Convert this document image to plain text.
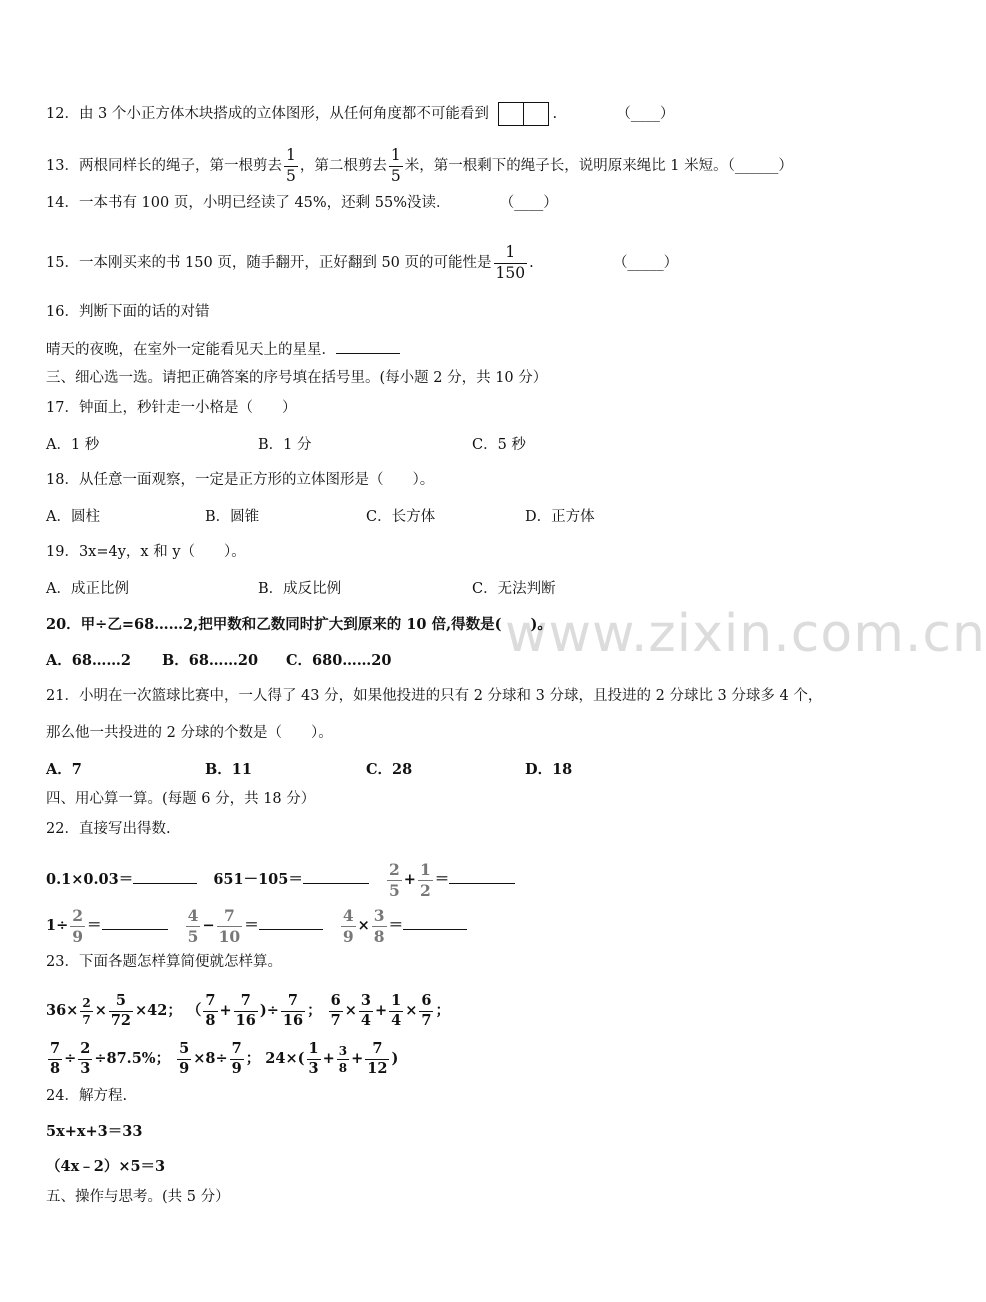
www.zixin.com.cn
12．由 3 个小正方体木块搭成的立体图形，从任何角度都不可能看到	.	（____）
13．两根同样长的绳子，第一根剪去 $\frac{1}{5}$ ，第二根剪去 $\frac{1}{5}$ 米，第一根剩下的绳子长，说明原来绳比 1 米短。（______）
14．一本书有 100 页，小明已经读了 45%，还剩 55%没读．	（____）
15．一本刚买来的书 150 页，随手翻开，正好翻到 50 页的可能性是 $\frac{1}{150}$ .	（_____）
16．判断下面的话的对错
晴天的夜晚，在室外一定能看见天上的星星．
三、细心选一选。请把正确答案的序号填在括号里。(每小题 2 分，共 10 分）
17．钟面上，秒针走一小格是（　　）
A．1 秒	B．1 分	C．5 秒
18．从任意一面观察，一定是正方形的立体图形是（　　）。
A．圆柱	B．圆锥	C．长方体	D．正方体
19．3x=4y，x 和 y（　　）。
A．成正比例	B．成反比例	C．无法判断
20．甲÷乙=68……2,把甲数和乙数同时扩大到原来的 10 倍,得数是(　　)。
A．68……2 B．68……20 C．680……20
21．小明在一次篮球比赛中，一人得了 43 分，如果他投进的只有 2 分球和 3 分球，且投进的 2 分球比 3 分球多 4 个，
那么他一共投进的 2 分球的个数是（　　）。
A．7	B．11	C．28	D．18
四、用心算一算。(每题 6 分，共 18 分）
22．直接写出得数.
0.1×0.03＝	651－105＝	$\frac{2}{5} + \frac{1}{2}$ ＝
$1\div \frac{2}{9}$ ＝	$\frac{4}{5} - \frac{7}{10}$ ＝	$\frac{4}{9} \times \frac{3}{8}$ ＝
23．下面各题怎样算简便就怎样算。
$36\times \frac{2}{7} \times \frac{5}{72} \times 42$； （ $\frac{7}{8} + \frac{7}{16}$ )÷ $\frac{7}{16}$ ； $\frac{6}{7} \times \frac{3}{4} + \frac{1}{4} \times \frac{6}{7}$ ；
$\frac{7}{8} \div \frac{2}{3} \div 87.5\%$； $\frac{5}{9} \times 8\div \frac{7}{9}$ ； $24\times( \frac{1}{3} + \frac{3}{8} + \frac{7}{12}$ )
24．解方程.
5x+x+3＝33
（4x﹣2）×5＝3
五、操作与思考。(共 5 分）
